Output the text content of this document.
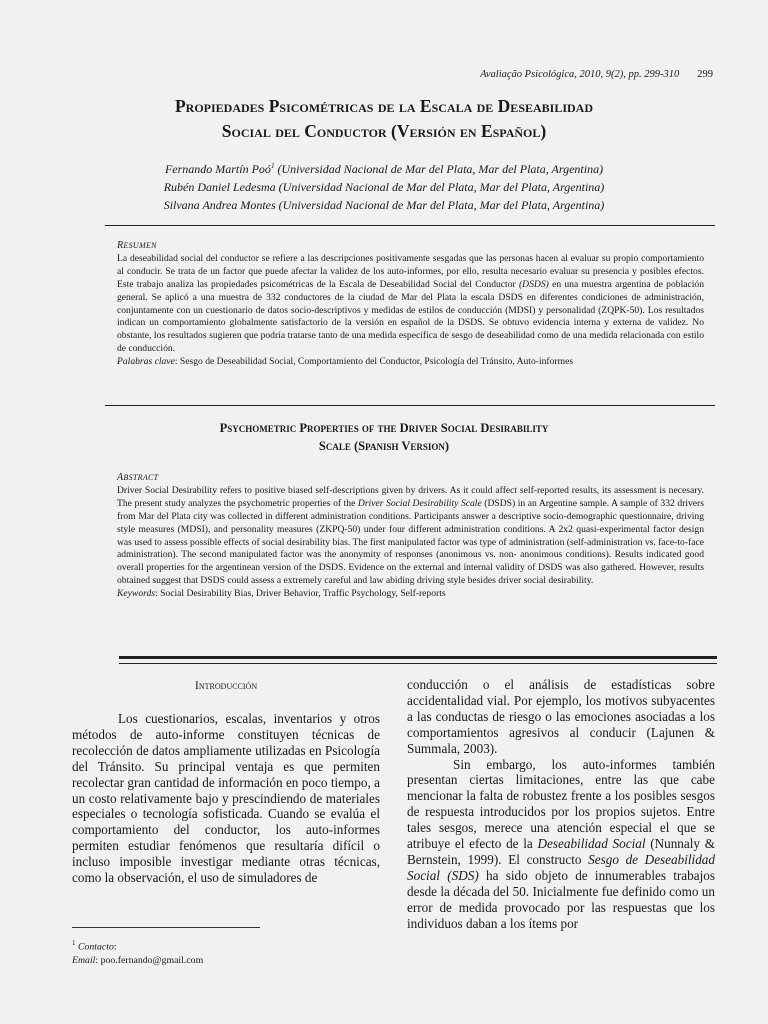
Avaliação Psicológica, 2010, 9(2), pp. 299-310 299
Propiedades Psicométricas de la Escala de Deseabilidad
Social del Conductor (Versión en Español)
Fernando Martín Poó$^1$ (Universidad Nacional de Mar del Plata, Mar del Plata, Argentina)
Rubén Daniel Ledesma (Universidad Nacional de Mar del Plata, Mar del Plata, Argentina)
Silvana Andrea Montes (Universidad Nacional de Mar del Plata, Mar del Plata, Argentina)
RESUMEN
La deseabilidad social del conductor se refiere a las descripciones positivamente sesgadas que las personas hacen al evaluar su propio comportamiento al conducir. Se trata de un factor que puede afectar la validez de los auto-informes, por ello, resulta necesario evaluar su presencia y posibles efectos. Este trabajo analiza las propiedades psicométricas de la Escala de Deseabilidad Social del Conductor (DSDS) en una muestra argentina de población general. Se aplicó a una muestra de 332 conductores de la ciudad de Mar del Plata la escala DSDS en diferentes condiciones de administración, conjuntamente con un cuestionario de datos socio-descriptivos y medidas de estilos de conducción (MDSI) y personalidad (ZQPK-50). Los resultados indican un comportamiento globalmente satisfactorio de la versión en español de la DSDS. Se obtuvo evidencia interna y externa de validez. No obstante, los resultados sugieren que podría tratarse tanto de una medida específica de sesgo de deseabilidad como de una medida relacionada con estilo de conducción.
Palabras clave: Sesgo de Deseabilidad Social, Comportamiento del Conductor, Psicología del Tránsito, Auto-informes
Psychometric Properties of the Driver Social Desirability
Scale (Spanish Version)
ABSTRACT
Driver Social Desirability refers to positive biased self-descriptions given by drivers. As it could affect self-reported results, its assessment is necesary. The present study analyzes the psychometric properties of the Driver Social Desirability Scale (DSDS) in an Argentine sample. A sample of 332 drivers from Mar del Plata city was collected in different administration conditions. Participants answer a descriptive socio-demographic questionnaire, driving style measures (MDSI), and personality measures (ZKPQ-50) under four different administration conditions. A 2x2 quasi-experimental factor design was used to assess possible effects of social desirability bias. The first manipulated factor was type of administration (self-administration vs. face-to-face administration). The second manipulated factor was the anonymity of responses (anonimous vs. non- anonimous conditions). Results indicated good overall properties for the argentinean version of the DSDS. Evidence on the external and internal validity of DSDS was also gathered. However, results obtained suggest that DSDS could assess a extremely careful and law abiding driving style besides driver social desirability.
Keywords: Social Desirability Bias, Driver Behavior, Traffic Psychology, Self-reports
Introducción
Los cuestionarios, escalas, inventarios y otros métodos de auto-informe constituyen técnicas de recolección de datos ampliamente utilizadas en Psicología del Tránsito. Su principal ventaja es que permiten recolectar gran cantidad de información en poco tiempo, a un costo relativamente bajo y prescindiendo de materiales especiales o tecnología sofisticada. Cuando se evalúa el comportamiento del conductor, los auto-informes permiten estudiar fenómenos que resultaría difícil o incluso imposible investigar mediante otras técnicas, como la observación, el uso de simuladores de
conducción o el análisis de estadísticas sobre accidentalidad vial. Por ejemplo, los motivos subyacentes a las conductas de riesgo o las emociones asociadas a los comportamientos agresivos al conducir (Lajunen & Summala, 2003).
Sin embargo, los auto-informes también presentan ciertas limitaciones, entre las que cabe mencionar la falta de robustez frente a los posibles sesgos de respuesta introducidos por los propios sujetos. Entre tales sesgos, merece una atención especial el que se atribuye el efecto de la Deseabilidad Social (Nunnaly & Bernstein, 1999). El constructo Sesgo de Deseabilidad Social (SDS) ha sido objeto de innumerables trabajos desde la década del 50. Inicialmente fue definido como un error de medida provocado por las respuestas que los individuos daban a los ítems por
$^1$ Contacto:
Email: poo.fernando@gmail.com
